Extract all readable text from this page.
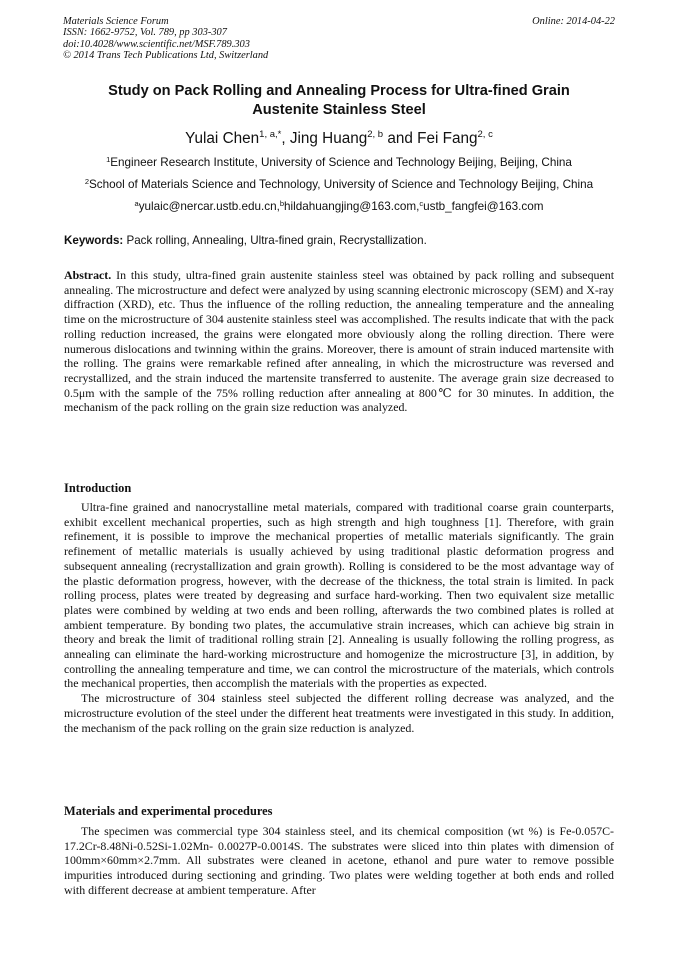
Materials Science Forum
ISSN: 1662-9752, Vol. 789, pp 303-307
doi:10.4028/www.scientific.net/MSF.789.303
© 2014 Trans Tech Publications Ltd, Switzerland
Online: 2014-04-22
Study on Pack Rolling and Annealing Process for Ultra-fined Grain
Austenite Stainless Steel
Yulai Chen$^{1, a,*}$, Jing Huang$^{2, b}$ and Fei Fang$^{2, c}$
$^1$Engineer Research Institute, University of Science and Technology Beijing, Beijing, China
$^2$School of Materials Science and Technology, University of Science and Technology Beijing, China
$^a$yulaic@nercar.ustb.edu.cn,$^b$hildahuangjing@163.com,$^c$ustb_fangfei@163.com
Keywords: Pack rolling, Annealing, Ultra-fined grain, Recrystallization.

Abstract. In this study, ultra-fined grain austenite stainless steel was obtained by pack rolling and subsequent annealing. The microstructure and defect were analyzed by using scanning electronic microscopy (SEM) and X-ray diffraction (XRD), etc. Thus the influence of the rolling reduction, the annealing temperature and the annealing time on the microstructure of 304 austenite stainless steel was accomplished. The results indicate that with the pack rolling reduction increased, the grains were elongated more obviously along the rolling direction. There were numerous dislocations and twinning within the grains. Moreover, there is amount of strain induced martensite with the rolling. The grains were remarkable refined after annealing, in which the microstructure was reversed and recrystallized, and the strain induced the martensite transferred to austenite. The average grain size decreased to 0.5μm with the sample of the 75% rolling reduction after annealing at 800℃ for 30 minutes. In addition, the mechanism of the pack rolling on the grain size reduction was analyzed.

Introduction

Ultra-fine grained and nanocrystalline metal materials, compared with traditional coarse grain counterparts, exhibit excellent mechanical properties, such as high strength and high toughness [1]. Therefore, with grain refinement, it is possible to improve the mechanical properties of metallic materials significantly. The grain refinement of metallic materials is usually achieved by using traditional plastic deformation progress and subsequent annealing (recrystallization and grain growth). Rolling is considered to be the most advantage way of the plastic deformation progress, however, with the decrease of the thickness, the total strain is limited. In pack rolling process, plates were treated by degreasing and surface hard-working. Then two equivalent size metallic plates were combined by welding at two ends and been rolling, afterwards the two combined plates is rolled at ambient temperature. By bonding two plates, the accumulative strain increases, which can achieve big strain in theory and break the limit of traditional rolling strain [2]. Annealing is usually following the rolling progress, as annealing can eliminate the hard-working microstructure and homogenize the microstructure [3], in addition, by controlling the annealing temperature and time, we can control the microstructure of the materials, which controls the mechanical properties, then accomplish the materials with the properties as expected.

The microstructure of 304 stainless steel subjected the different rolling decrease was analyzed, and the microstructure evolution of the steel under the different heat treatments were investigated in this study. In addition, the mechanism of the pack rolling on the grain size reduction is analyzed.

Materials and experimental procedures

The specimen was commercial type 304 stainless steel, and its chemical composition (wt %) is Fe-0.057C-17.2Cr-8.48Ni-0.52Si-1.02Mn- 0.0027P-0.0014S. The substrates were sliced into thin plates with dimension of 100mm×60mm×2.7mm. All substrates were cleaned in acetone, ethanol and pure water to remove possible impurities introduced during sectioning and grinding. Two plates were welding together at both ends and rolled with different decrease at ambient temperature. After
